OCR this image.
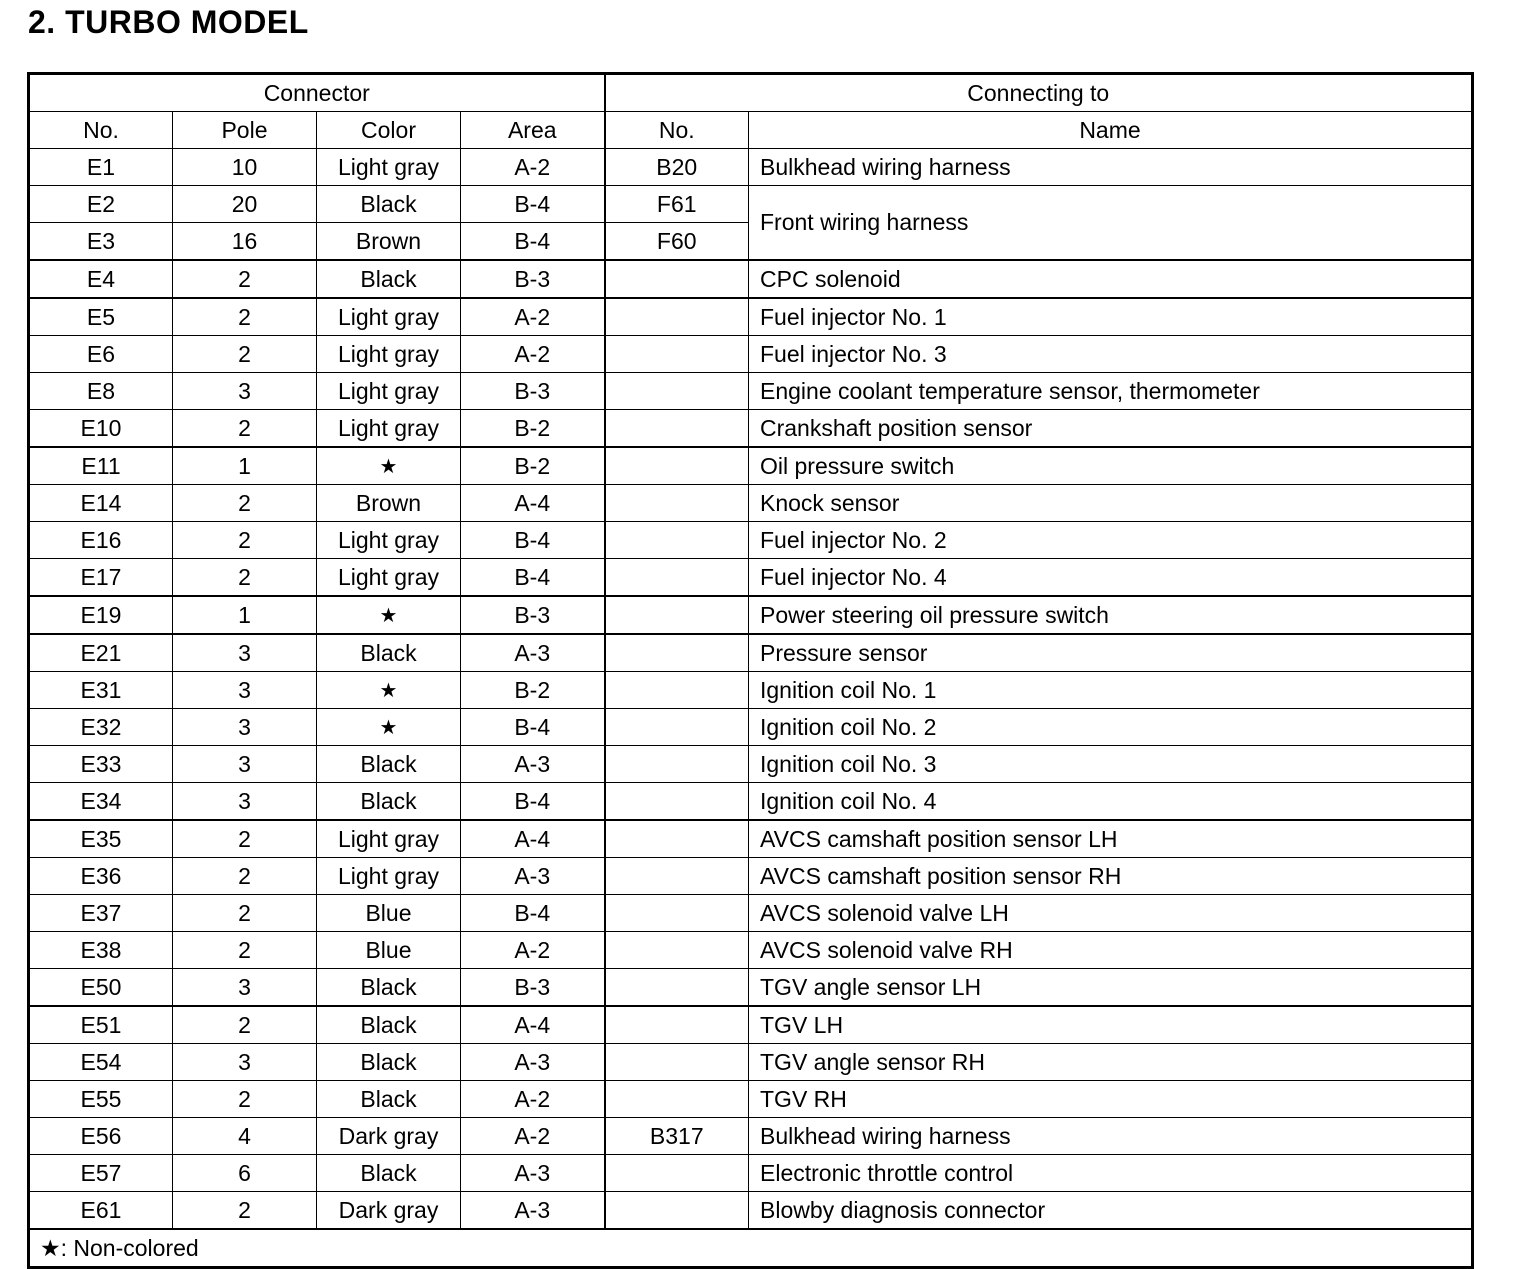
2. TURBO MODEL
Connector				Connecting to	
No.	Pole	Color	Area	No.	Name
E1	10	Light gray	A-2	B20	Bulkhead wiring harness
E2	20	Black	B-4	F61	Front wiring harness
E3	16	Brown	B-4	F60	
E4	2	Black	B-3		CPC solenoid
E5	2	Light gray	A-2		Fuel injector No. 1
E6	2	Light gray	A-2		Fuel injector No. 3
E8	3	Light gray	B-3		Engine coolant temperature sensor, thermometer
E10	2	Light gray	B-2		Crankshaft position sensor
E11	1	★	B-2		Oil pressure switch
E14	2	Brown	A-4		Knock sensor
E16	2	Light gray	B-4		Fuel injector No. 2
E17	2	Light gray	B-4		Fuel injector No. 4
E19	1	★	B-3		Power steering oil pressure switch
E21	3	Black	A-3		Pressure sensor
E31	3	★	B-2		Ignition coil No. 1
E32	3	★	B-4		Ignition coil No. 2
E33	3	Black	A-3		Ignition coil No. 3
E34	3	Black	B-4		Ignition coil No. 4
E35	2	Light gray	A-4		AVCS camshaft position sensor LH
E36	2	Light gray	A-3		AVCS camshaft position sensor RH
E37	2	Blue	B-4		AVCS solenoid valve LH
E38	2	Blue	A-2		AVCS solenoid valve RH
E50	3	Black	B-3		TGV angle sensor LH
E51	2	Black	A-4		TGV LH
E54	3	Black	A-3		TGV angle sensor RH
E55	2	Black	A-2		TGV RH
E56	4	Dark gray	A-2	B317	Bulkhead wiring harness
E57	6	Black	A-3		Electronic throttle control
E61	2	Dark gray	A-3		Blowby diagnosis connector
★: Non-colored					
